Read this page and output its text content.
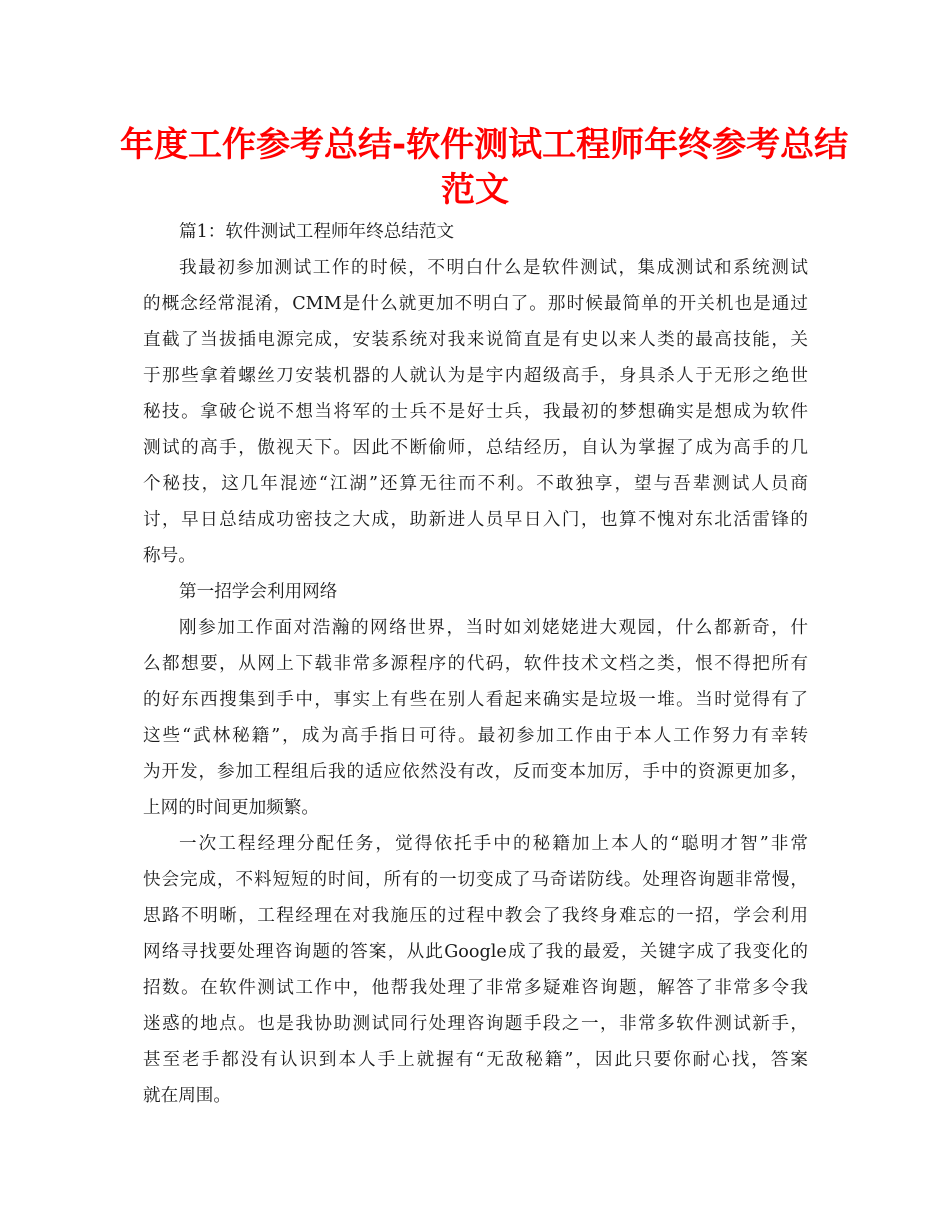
年度工作参考总结-软件测试工程师年终参考总结
范文
篇1：软件测试工程师年终总结范文
我最初参加测试工作的时候，不明白什么是软件测试，集成测试和系统测试
的概念经常混淆，CMM是什么就更加不明白了。那时候最简单的开关机也是通过
直截了当拔插电源完成，安装系统对我来说简直是有史以来人类的最高技能，关
于那些拿着螺丝刀安装机器的人就认为是宇内超级高手，身具杀人于无形之绝世
秘技。拿破仑说不想当将军的士兵不是好士兵，我最初的梦想确实是想成为软件
测试的高手，傲视天下。因此不断偷师，总结经历，自认为掌握了成为高手的几
个秘技，这几年混迹“江湖”还算无往而不利。不敢独享，望与吾辈测试人员商
讨，早日总结成功密技之大成，助新进人员早日入门，也算不愧对东北活雷锋的
称号。
第一招学会利用网络
刚参加工作面对浩瀚的网络世界，当时如刘姥姥进大观园，什么都新奇，什
么都想要，从网上下载非常多源程序的代码，软件技术文档之类，恨不得把所有
的好东西搜集到手中，事实上有些在别人看起来确实是垃圾一堆。当时觉得有了
这些“武林秘籍”，成为高手指日可待。最初参加工作由于本人工作努力有幸转
为开发，参加工程组后我的适应依然没有改，反而变本加厉，手中的资源更加多，
上网的时间更加频繁。
一次工程经理分配任务，觉得依托手中的秘籍加上本人的“聪明才智”非常
快会完成，不料短短的时间，所有的一切变成了马奇诺防线。处理咨询题非常慢，
思路不明晰，工程经理在对我施压的过程中教会了我终身难忘的一招，学会利用
网络寻找要处理咨询题的答案，从此Google成了我的最爱，关键字成了我变化的
招数。在软件测试工作中，他帮我处理了非常多疑难咨询题，解答了非常多令我
迷惑的地点。也是我协助测试同行处理咨询题手段之一，非常多软件测试新手，
甚至老手都没有认识到本人手上就握有“无敌秘籍”，因此只要你耐心找，答案
就在周围。
